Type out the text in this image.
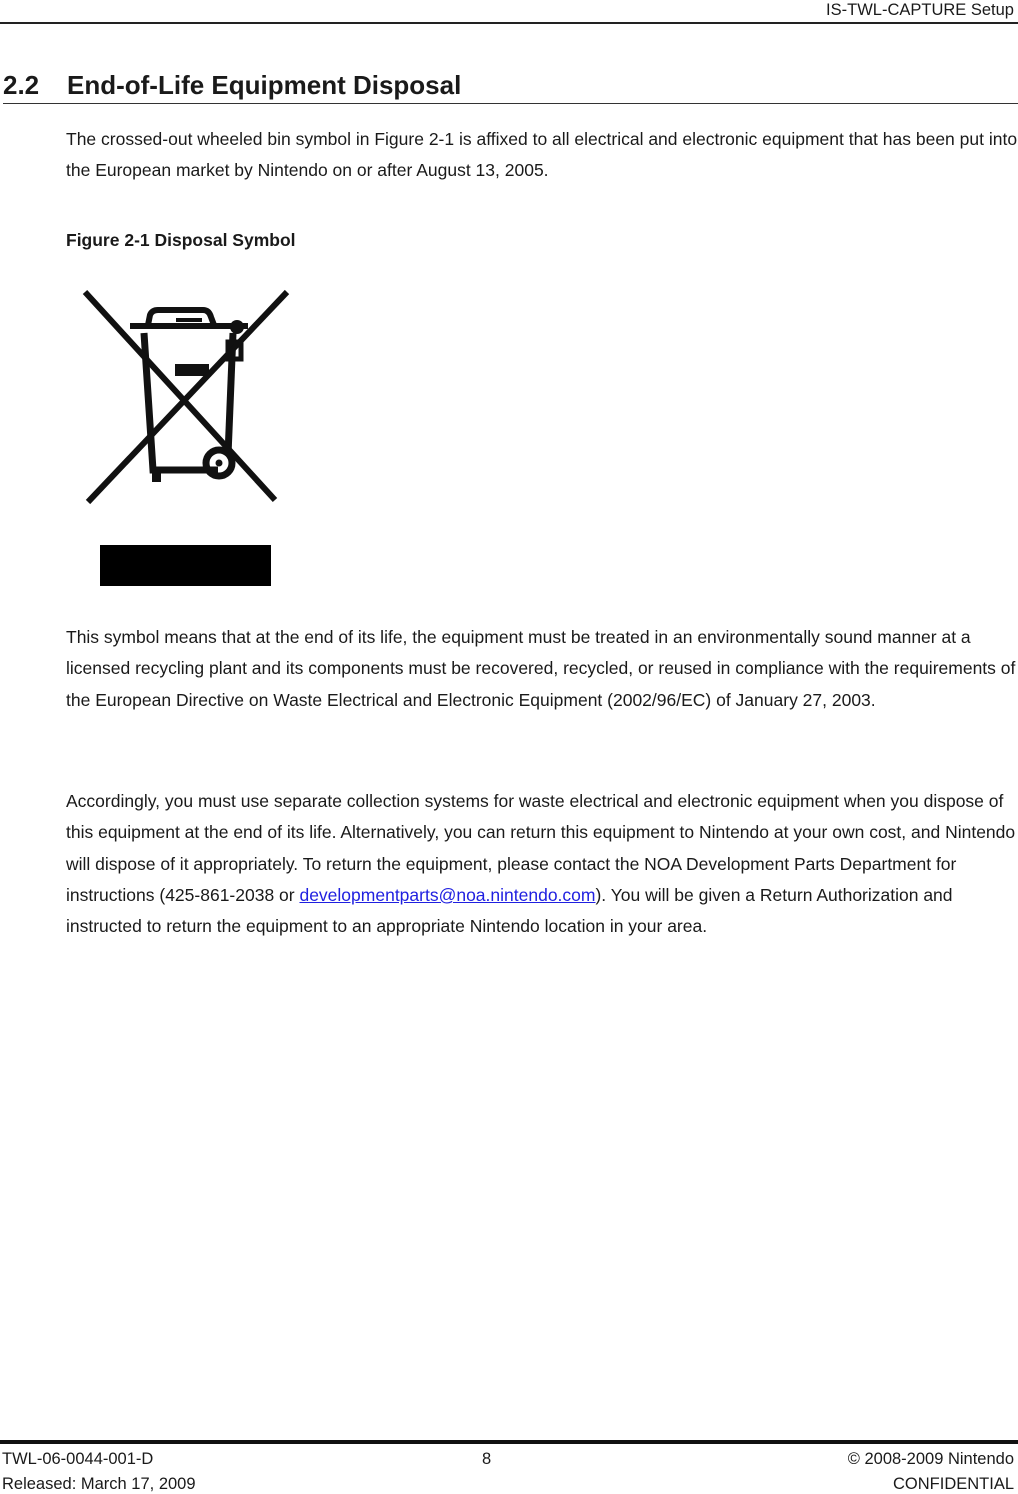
IS-TWL-CAPTURE Setup
2.2 End-of-Life Equipment Disposal

The crossed-out wheeled bin symbol in Figure 2-1 is affixed to all electrical and electronic equipment that has been put into the European market by Nintendo on or after August 13, 2005.

Figure 2-1 Disposal Symbol

This symbol means that at the end of its life, the equipment must be treated in an environmentally sound manner at a licensed recycling plant and its components must be recovered, recycled, or reused in compliance with the requirements of the European Directive on Waste Electrical and Electronic Equipment (2002/96/EC) of January 27, 2003.

Accordingly, you must use separate collection systems for waste electrical and electronic equipment when you dispose of this equipment at the end of its life. Alternatively, you can return this equipment to Nintendo at your own cost, and Nintendo will dispose of it appropriately. To return the equipment, please contact the NOA Development Parts Department for instructions (425-861-2038 or developmentparts@noa.nintendo.com). You will be given a Return Authorization and instructed to return the equipment to an appropriate Nintendo location in your area.

TWL-06-0044-001-D
Released: March 17, 2009
8	© 2008-2009 Nintendo
CONFIDENTIAL
